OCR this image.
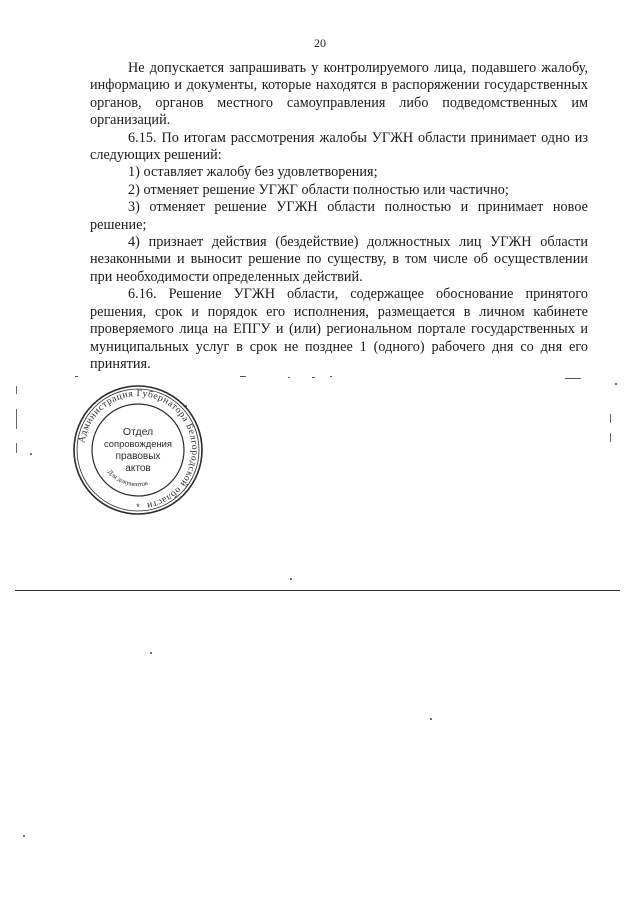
20

Не допускается запрашивать у контролируемого лица, подавшего жалобу, информацию и документы, которые находятся в распоряжении государственных органов, органов местного самоуправления либо подведомственных им организаций.

6.15. По итогам рассмотрения жалобы УГЖН области принимает одно из следующих решений:

1) оставляет жалобу без удовлетворения;

2) отменяет решение УГЖГ области полностью или частично;

3) отменяет решение УГЖН области полностью и принимает новое решение;

4) признает действия (бездействие) должностных лиц УГЖН области незаконными и выносит решение по существу, в том числе об осуществлении при необходимости определенных действий.

6.16. Решение УГЖН области, содержащее обоснование принятого решения, срок и порядок его исполнения, размещается в личном кабинете проверяемого лица на ЕПГУ и (или) региональном портале государственных и муниципальных услуг в срок не позднее 1 (одного) рабочего дня со дня его принятия.

Администрация Губернатора Белгородской области
Для документов
Отдел
сопровождения
правовых
актов
*
